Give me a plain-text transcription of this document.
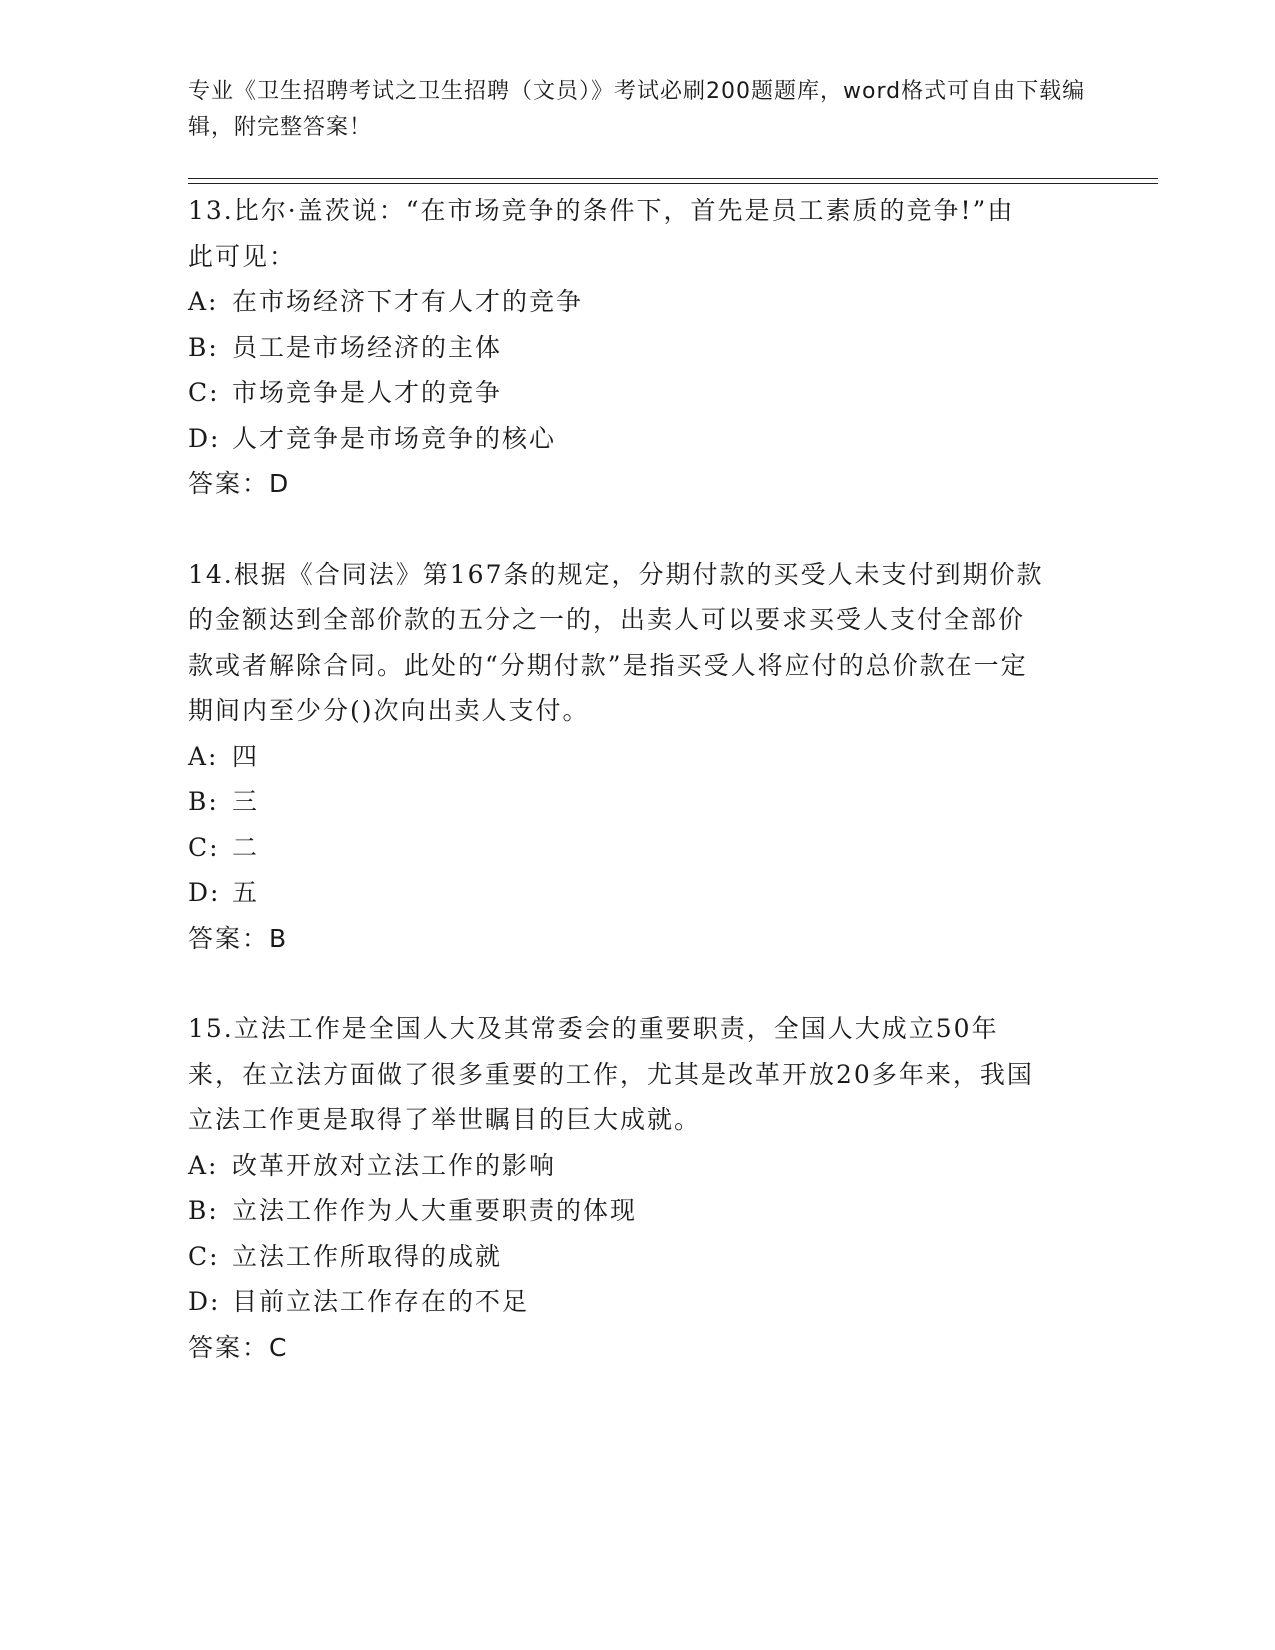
专业《卫生招聘考试之卫生招聘（文员）》考试必刷200题题库，word格式可自由下载编辑，附完整答案！
13.比尔·盖茨说：“在市场竞争的条件下，首先是员工素质的竞争!”由此可见：
A: 在市场经济下才有人才的竞争
B: 员工是市场经济的主体
C: 市场竞争是人才的竞争
D: 人才竞争是市场竞争的核心
答案：D
14.根据《合同法》第167条的规定，分期付款的买受人未支付到期价款的金额达到全部价款的五分之一的，出卖人可以要求买受人支付全部价款或者解除合同。此处的“分期付款”是指买受人将应付的总价款在一定期间内至少分()次向出卖人支付。
A: 四
B: 三
C: 二
D: 五
答案：B
15.立法工作是全国人大及其常委会的重要职责，全国人大成立50年来，在立法方面做了很多重要的工作，尤其是改革开放20多年来，我国立法工作更是取得了举世瞩目的巨大成就。
A: 改革开放对立法工作的影响
B: 立法工作作为人大重要职责的体现
C: 立法工作所取得的成就
D: 目前立法工作存在的不足
答案：C
